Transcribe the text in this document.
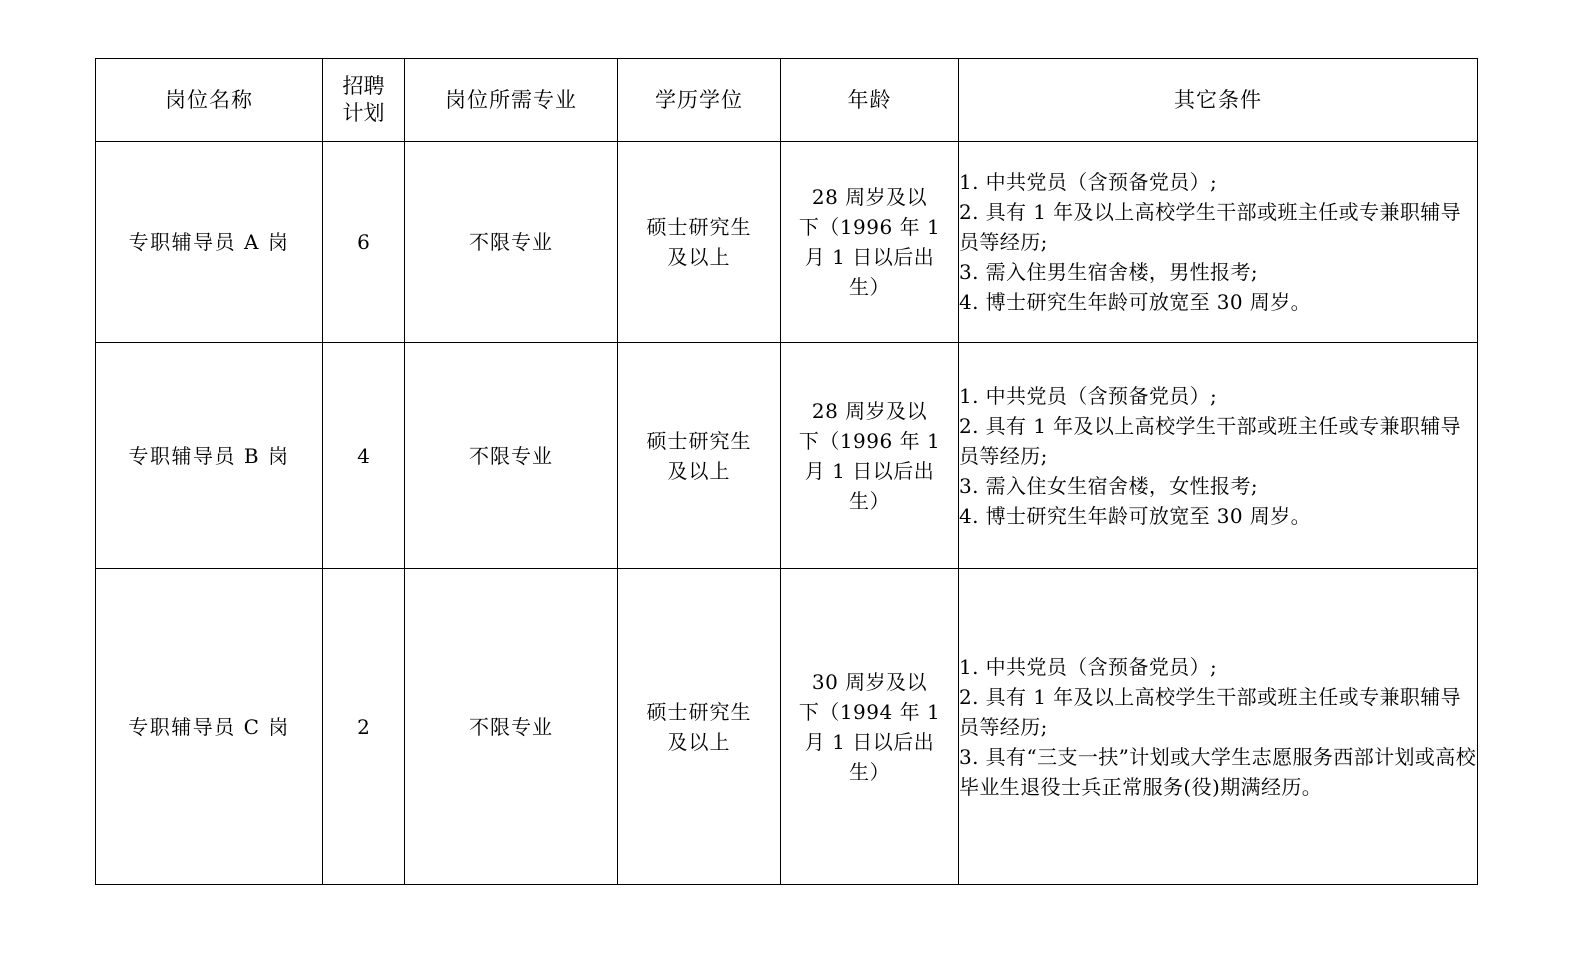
岗位名称	招聘
计划	岗位所需专业	学历学位	年龄	其它条件

专职辅导员 A 岗	6	不限专业	硕士研究生
及以上	28 周岁及以
下（1996 年 1
月 1 日以后出
生）	1. 中共党员（含预备党员）;
2. 具有 1 年及以上高校学生干部或班主任或专兼职辅导员等经历;
3. 需入住男生宿舍楼，男性报考;
4. 博士研究生年龄可放宽至 30 周岁。

专职辅导员 B 岗	4	不限专业	硕士研究生
及以上	28 周岁及以
下（1996 年 1
月 1 日以后出
生）	1. 中共党员（含预备党员）;
2. 具有 1 年及以上高校学生干部或班主任或专兼职辅导员等经历;
3. 需入住女生宿舍楼，女性报考;
4. 博士研究生年龄可放宽至 30 周岁。

专职辅导员 C 岗	2	不限专业	硕士研究生
及以上	30 周岁及以
下（1994 年 1
月 1 日以后出
生）	1. 中共党员（含预备党员）;
2. 具有 1 年及以上高校学生干部或班主任或专兼职辅导员等经历;
3. 具有“三支一扶”计划或大学生志愿服务西部计划或高校毕业生退役士兵正常服务(役)期满经历。
